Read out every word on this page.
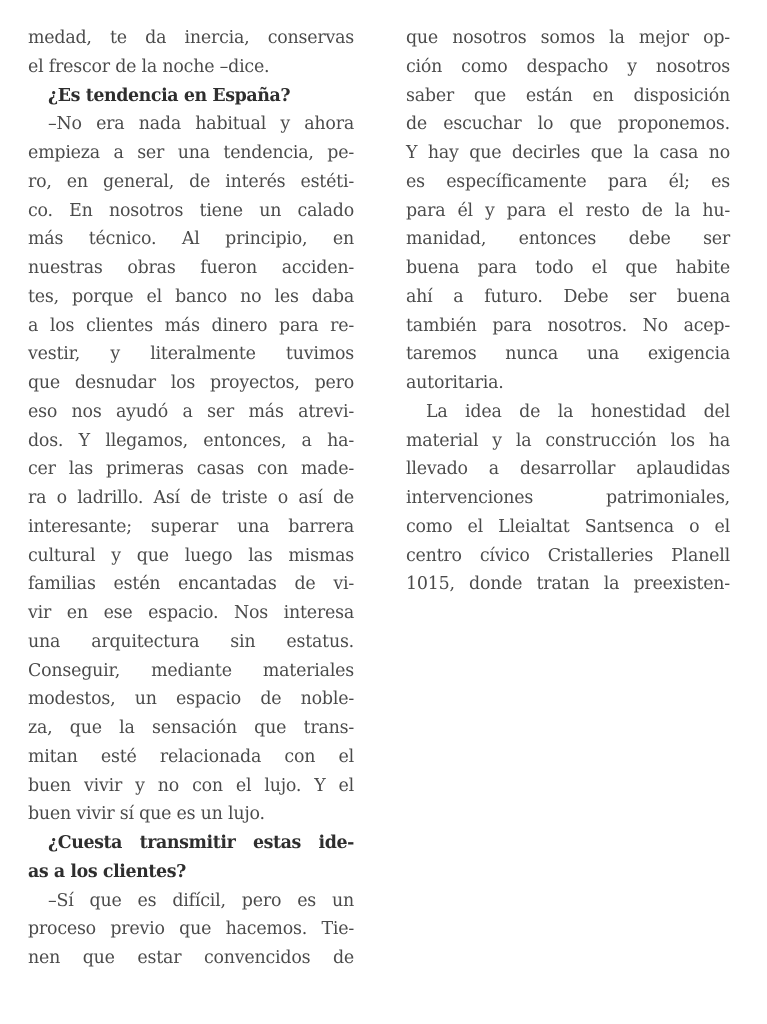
medad, te da inercia, conservas
el frescor de la noche –dice.
¿Es tendencia en España?
–No era nada habitual y ahora
empieza a ser una tendencia, pe-
ro, en general, de interés estéti-
co. En nosotros tiene un calado
más técnico. Al principio, en
nuestras obras fueron acciden-
tes, porque el banco no les daba
a los clientes más dinero para re-
vestir, y literalmente tuvimos
que desnudar los proyectos, pero
eso nos ayudó a ser más atrevi-
dos. Y llegamos, entonces, a ha-
cer las primeras casas con made-
ra o ladrillo. Así de triste o así de
interesante; superar una barrera
cultural y que luego las mismas
familias estén encantadas de vi-
vir en ese espacio. Nos interesa
una arquitectura sin estatus.
Conseguir, mediante materiales
modestos, un espacio de noble-
za, que la sensación que trans-
mitan esté relacionada con el
buen vivir y no con el lujo. Y el
buen vivir sí que es un lujo.
¿Cuesta transmitir estas ide-
as a los clientes?
–Sí que es difícil, pero es un
proceso previo que hacemos. Tie-
nen que estar convencidos de
que nosotros somos la mejor op-
ción como despacho y nosotros
saber que están en disposición
de escuchar lo que proponemos.
Y hay que decirles que la casa no
es específicamente para él; es
para él y para el resto de la hu-
manidad, entonces debe ser
buena para todo el que habite
ahí a futuro. Debe ser buena
también para nosotros. No acep-
taremos nunca una exigencia
autoritaria.
La idea de la honestidad del
material y la construcción los ha
llevado a desarrollar aplaudidas
intervenciones patrimoniales,
como el Lleialtat Santsenca o el
centro cívico Cristalleries Planell
1015, donde tratan la preexisten-
